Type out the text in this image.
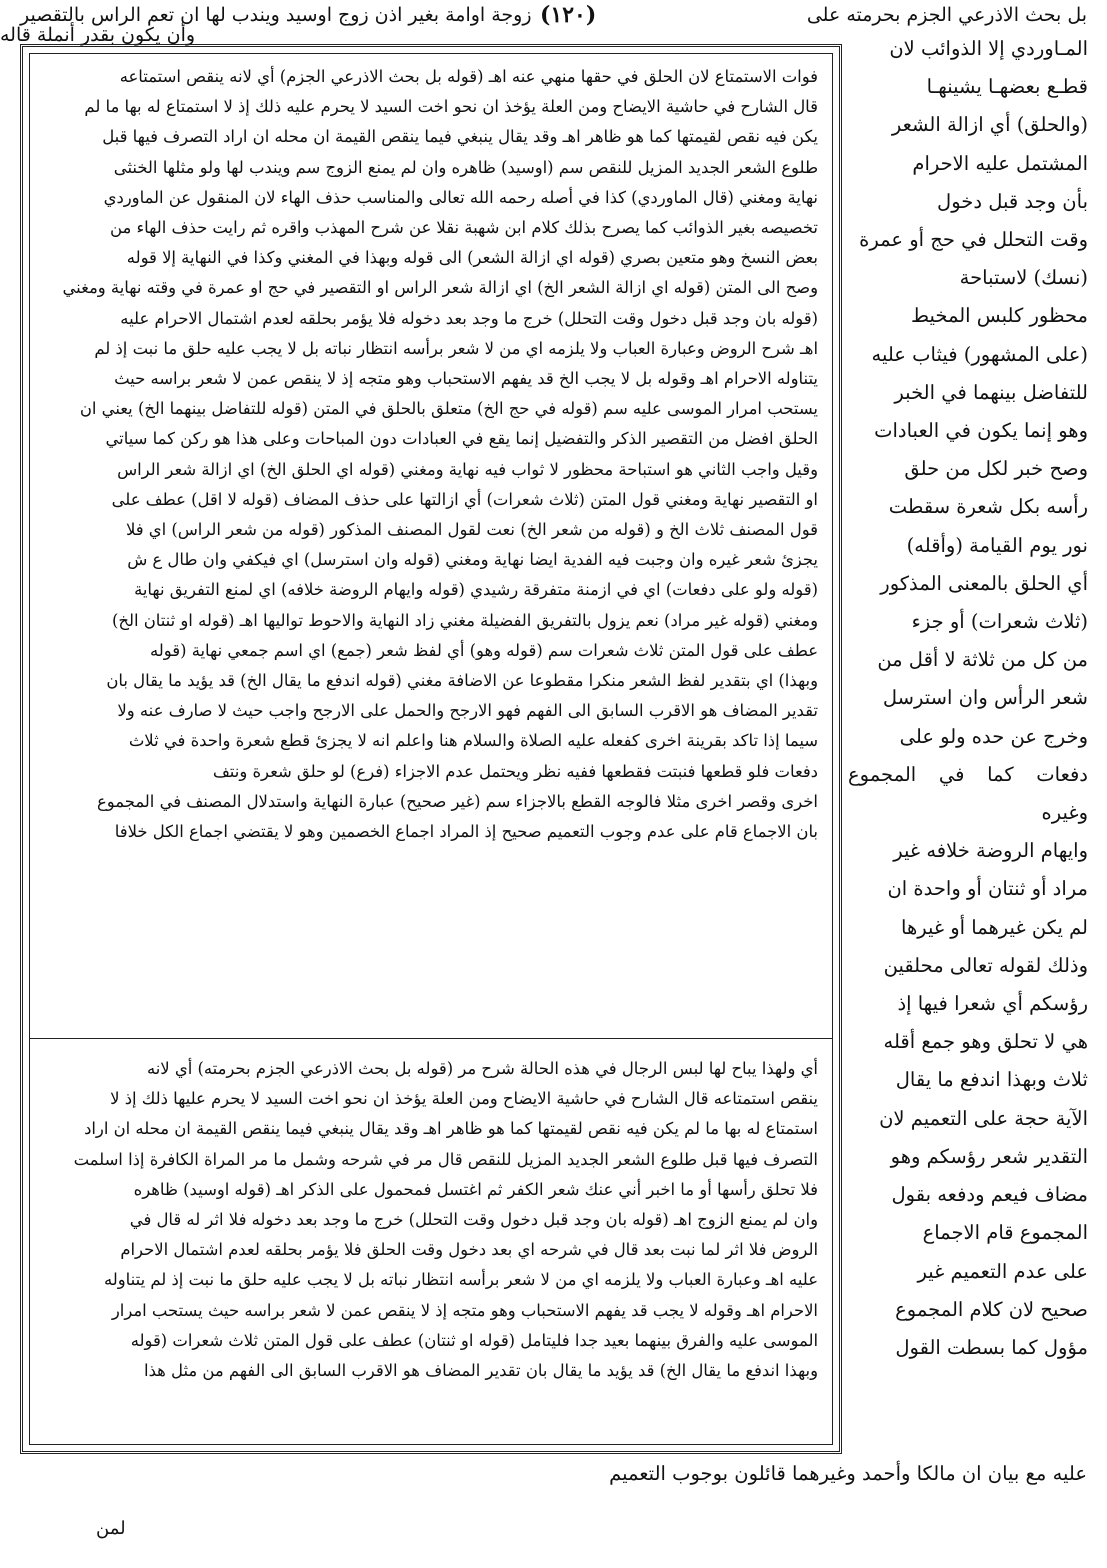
بل بحث الاذرعي الجزم بحرمته على
(١٢٠)
زوجة اوامة بغير اذن زوج اوسيد ويندب لها ان تعم الراس بالتقصير
وأن يكون بقدر أنملة قاله

المـاوردي إلا الذوائب لان

قطـع بعضهـا يشينهـا

(والحلق) أي ازالة الشعر

المشتمل عليه الاحرام

بأن وجد قبل دخول

وقت التحلل في حج أو عمرة

(نسك) لاستباحة

محظور كلبس المخيط

(على المشهور) فيثاب عليه

للتفاضل بينهما في الخبر

وهو إنما يكون في العبادات

وصح خبر لكل من حلق

رأسه بكل شعرة سقطت

نور يوم القيامة (وأقله)

أي الحلق بالمعنى المذكور

(ثلاث شعرات) أو جزء

من كل من ثلاثة لا أقل من

شعر الرأس وان استرسل

وخرج عن حده ولو على

دفعات كما في المجموع وغيره

وايهام الروضة خلافه غير

مراد أو ثنتان أو واحدة ان

لم يكن غيرهما أو غيرها

وذلك لقوله تعالى محلقين

رؤسكم أي شعرا فيها إذ

هي لا تحلق وهو جمع أقله

ثلاث وبهذا اندفع ما يقال

الآية حجة على التعميم لان

التقدير شعر رؤسكم وهو

مضاف فيعم ودفعه بقول

المجموع قام الاجماع

على عدم التعميم غير

صحيح لان كلام المجموع

مؤول كما بسطت القول

فوات الاستمتاع لان الحلق في حقها منهي عنه اهـ (قوله بل بحث الاذرعي الجزم) أي لانه ينقص استمتاعه

قال الشارح في حاشية الايضاح ومن العلة يؤخذ ان نحو اخت السيد لا يحرم عليه ذلك إذ لا استمتاع له بها ما لم

يكن فيه نقص لقيمتها كما هو ظاهر اهـ وقد يقال ينبغي فيما ينقص القيمة ان محله ان اراد التصرف فيها قبل

طلوع الشعر الجديد المزيل للنقص سم (اوسيد) ظاهره وان لم يمنع الزوج سم ويندب لها ولو مثلها الخنثى

نهاية ومغني (قال الماوردي) كذا في أصله رحمه الله تعالى والمناسب حذف الهاء لان المنقول عن الماوردي

تخصيصه بغير الذوائب كما يصرح بذلك كلام ابن شهبة نقلا عن شرح المهذب واقره ثم رايت حذف الهاء من

بعض النسخ وهو متعين بصري (قوله اي ازالة الشعر) الى قوله وبهذا في المغني وكذا في النهاية إلا قوله

وصح الى المتن (قوله اي ازالة الشعر الخ) اي ازالة شعر الراس او التقصير في حج او عمرة في وقته نهاية ومغني

(قوله بان وجد قبل دخول وقت التحلل) خرج ما وجد بعد دخوله فلا يؤمر بحلقه لعدم اشتمال الاحرام عليه

اهـ شرح الروض وعبارة العباب ولا يلزمه اي من لا شعر برأسه انتظار نباته بل لا يجب عليه حلق ما نبت إذ لم

يتناوله الاحرام اهـ وقوله بل لا يجب الخ قد يفهم الاستحباب وهو متجه إذ لا ينقص عمن لا شعر براسه حيث

يستحب امرار الموسى عليه سم (قوله في حج الخ) متعلق بالحلق في المتن (قوله للتفاضل بينهما الخ) يعني ان

الحلق افضل من التقصير الذكر والتفضيل إنما يقع في العبادات دون المباحات وعلى هذا هو ركن كما سياتي

وقيل واجب الثاني هو استباحة محظور لا ثواب فيه نهاية ومغني (قوله اي الحلق الخ) اي ازالة شعر الراس

او التقصير نهاية ومغني قول المتن (ثلاث شعرات) أي ازالتها على حذف المضاف (قوله لا اقل) عطف على

قول المصنف ثلاث الخ و (قوله من شعر الخ) نعت لقول المصنف المذكور (قوله من شعر الراس) اي فلا

يجزئ شعر غيره وان وجبت فيه الفدية ايضا نهاية ومغني (قوله وان استرسل) اي فيكفي وان طال ع ش

(قوله ولو على دفعات) اي في ازمنة متفرقة رشيدي (قوله وايهام الروضة خلافه) اي لمنع التفريق نهاية

ومغني (قوله غير مراد) نعم يزول بالتفريق الفضيلة مغني زاد النهاية والاحوط توالیها اهـ (قوله او ثنتان الخ)

عطف على قول المتن ثلاث شعرات سم (قوله وهو) أي لفظ شعر (جمع) اي اسم جمعي نهاية (قوله

وبهذا) اي بتقدير لفظ الشعر منكرا مقطوعا عن الاضافة مغني (قوله اندفع ما يقال الخ) قد يؤيد ما يقال بان

تقدير المضاف هو الاقرب السابق الى الفهم فهو الارجح والحمل على الارجح واجب حيث لا صارف عنه ولا

سيما إذا تاكد بقرينة اخرى كفعله عليه الصلاة والسلام هنا واعلم انه لا يجزئ قطع شعرة واحدة في ثلاث

دفعات فلو قطعها فنبتت فقطعها ففيه نظر ويحتمل عدم الاجزاء (فرع) لو حلق شعرة ونتف

اخرى وقصر اخرى مثلا فالوجه القطع بالاجزاء سم (غير صحيح) عبارة النهاية واستدلال المصنف في المجموع

بان الاجماع قام على عدم وجوب التعميم صحيح إذ المراد اجماع الخصمين وهو لا يقتضي اجماع الكل خلافا

أي ولهذا يباح لها لبس الرجال في هذه الحالة شرح مر (قوله بل بحث الاذرعي الجزم بحرمته) أي لانه

ينقص استمتاعه قال الشارح في حاشية الايضاح ومن العلة يؤخذ ان نحو اخت السيد لا يحرم عليها ذلك إذ لا

استمتاع له بها ما لم يكن فيه نقص لقيمتها كما هو ظاهر اهـ وقد يقال ينبغي فيما ينقص القيمة ان محله ان اراد

التصرف فيها قبل طلوع الشعر الجديد المزيل للنقص قال مر في شرحه وشمل ما مر المراة الكافرة إذا اسلمت

فلا تحلق رأسها أو ما اخبر أني عنك شعر الكفر ثم اغتسل فمحمول على الذكر اهـ (قوله اوسيد) ظاهره

وان لم يمنع الزوج اهـ (قوله بان وجد قبل دخول وقت التحلل) خرج ما وجد بعد دخوله فلا اثر له قال في

الروض فلا اثر لما نبت بعد قال في شرحه اي بعد دخول وقت الحلق فلا يؤمر بحلقه لعدم اشتمال الاحرام

عليه اهـ وعبارة العباب ولا يلزمه اي من لا شعر برأسه انتظار نباته بل لا يجب عليه حلق ما نبت إذ لم يتناوله

الاحرام اهـ وقوله لا يجب قد يفهم الاستحباب وهو متجه إذ لا ينقص عمن لا شعر براسه حيث يستحب امرار

الموسى عليه والفرق بينهما بعيد جدا فليتامل (قوله او ثنتان) عطف على قول المتن ثلاث شعرات (قوله

وبهذا اندفع ما يقال الخ) قد يؤيد ما يقال بان تقدير المضاف هو الاقرب السابق الى الفهم من مثل هذا

عليه مع بيان ان مالكا وأحمد وغيرهما قائلون بوجوب التعميم
لمن
